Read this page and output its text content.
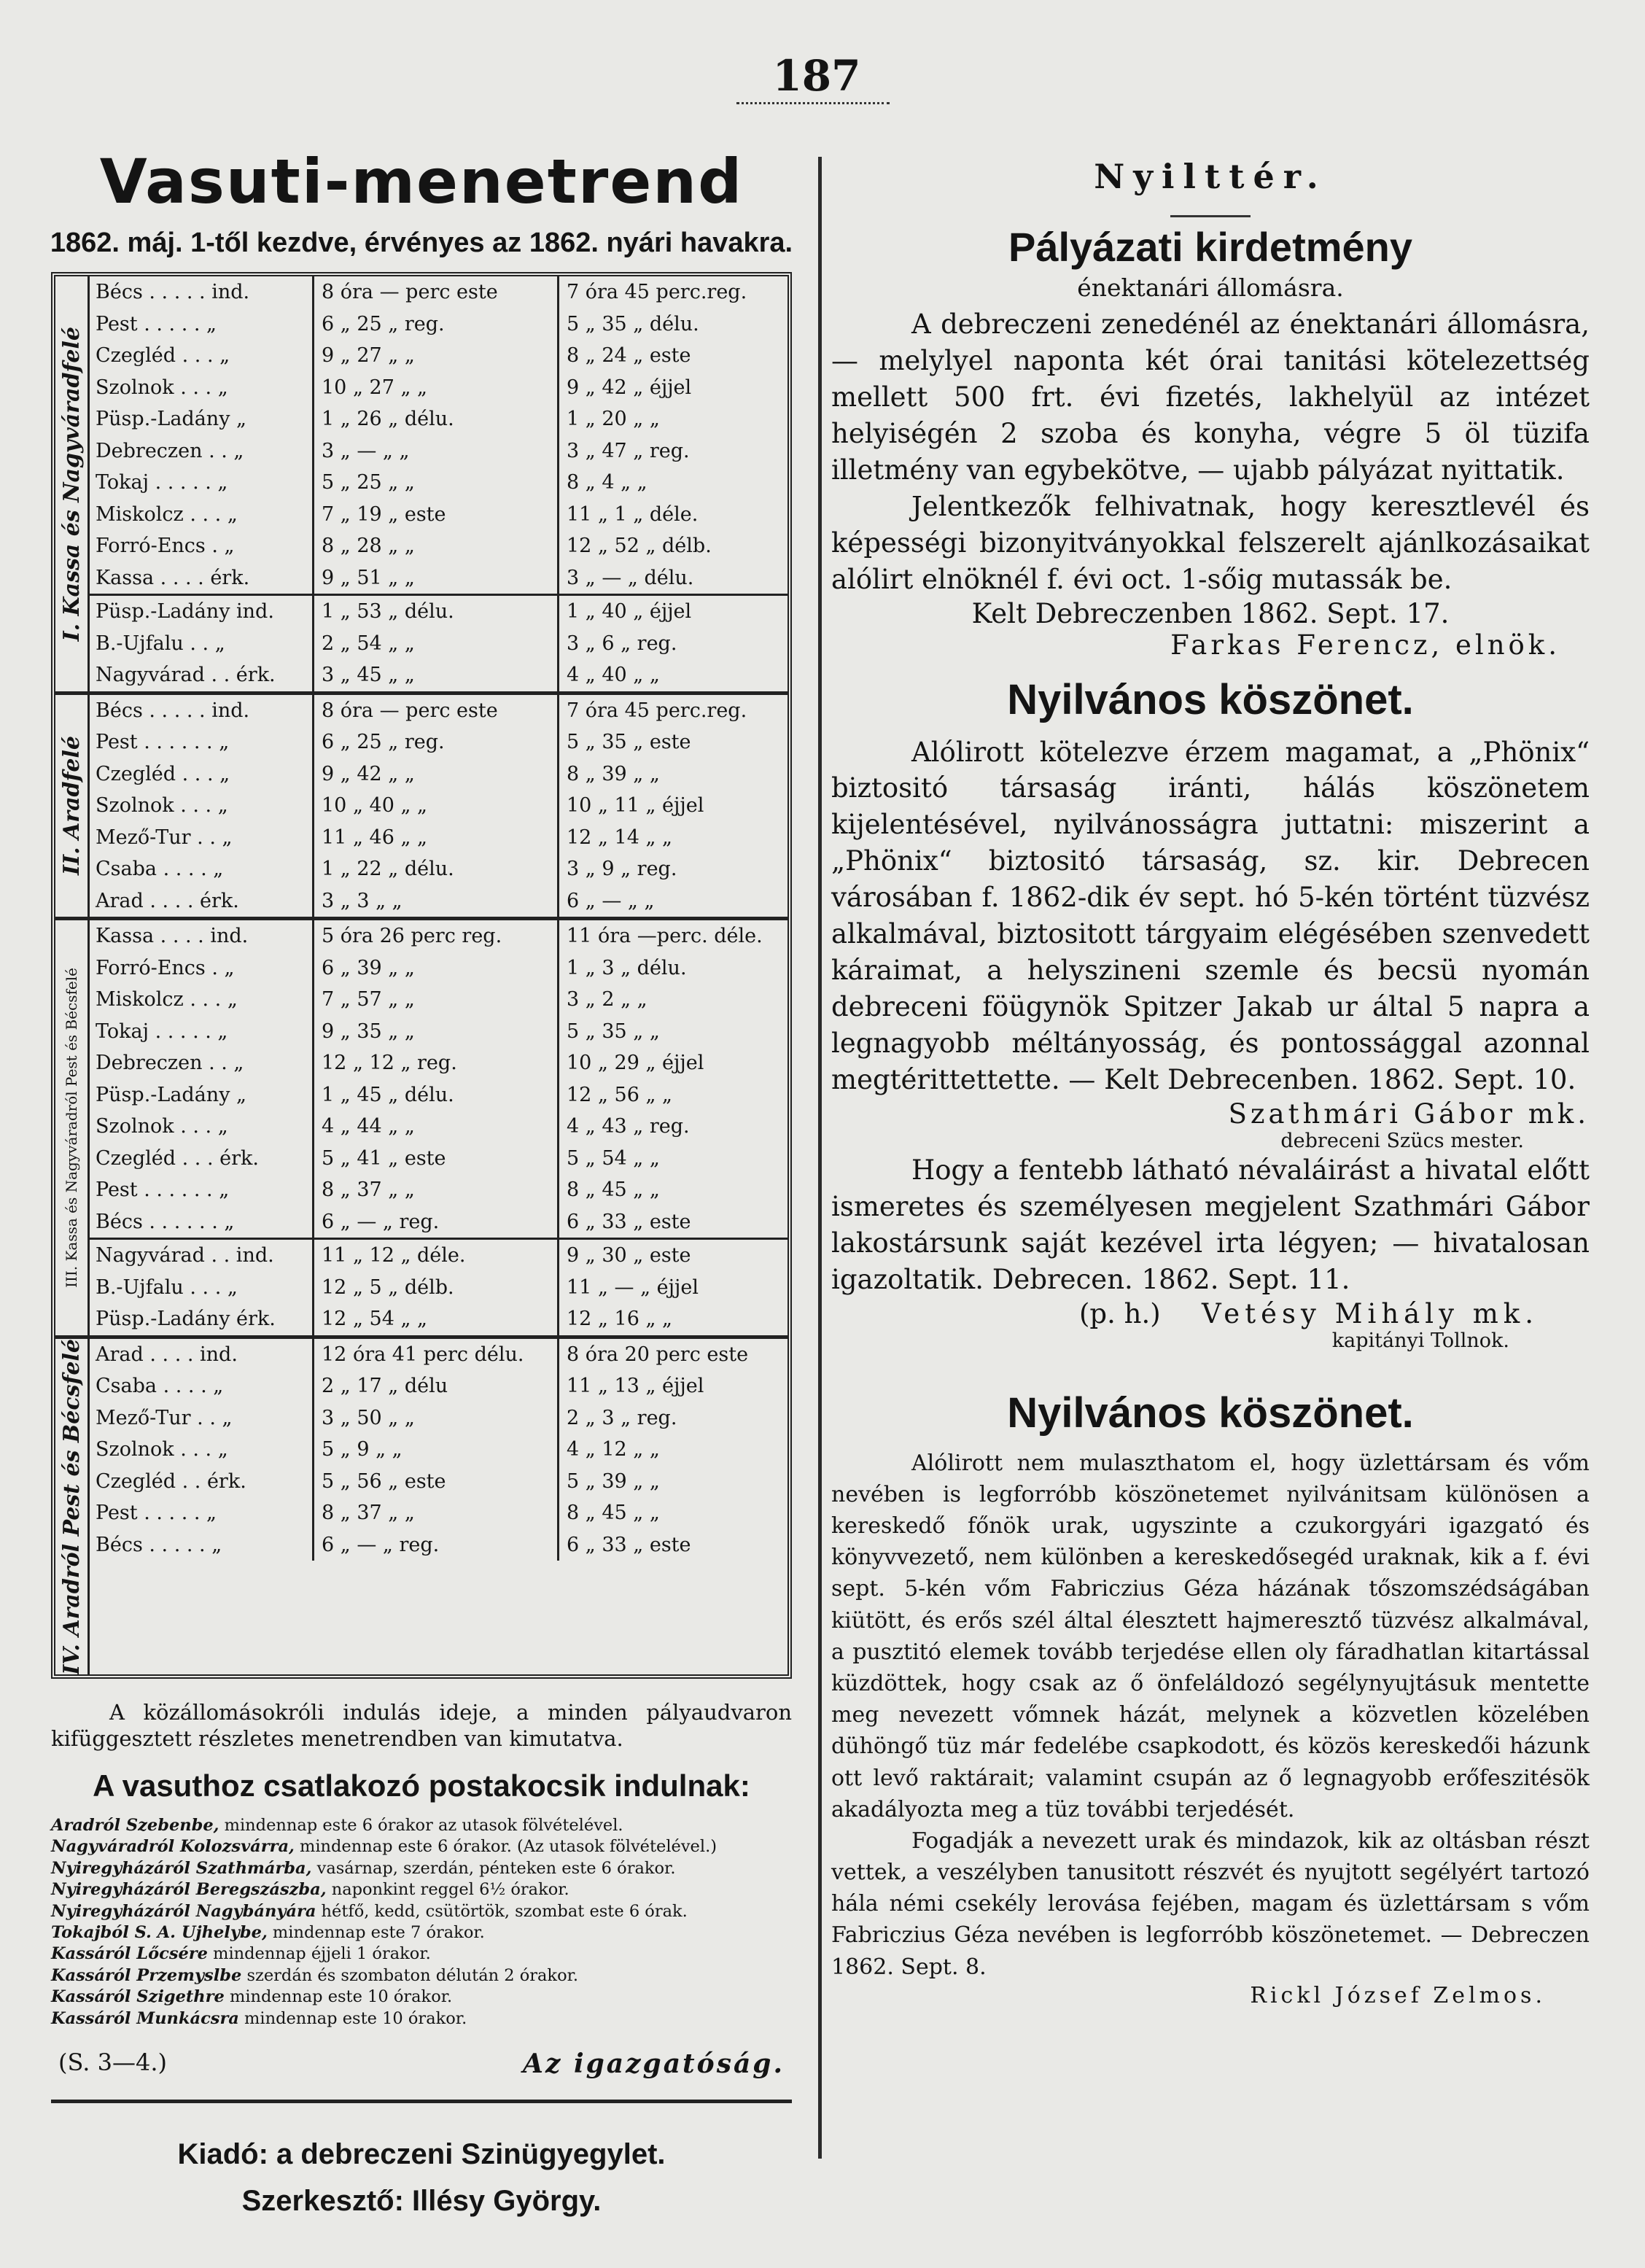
187
Vasuti-menetrend
1862. máj. 1-től kezdve, érvényes az 1862. nyári havakra.
I. Kassa és Nagyváradfelé
Bécs . . . . . ind.	8 óra — perc este	7 óra 45 perc.reg.
Pest . . . . . „	6 „ 25 „ reg.	5 „ 35 „ délu.
Czegléd . . . „	9 „ 27 „ „	8 „ 24 „ este
Szolnok . . . „	10 „ 27 „ „	9 „ 42 „ éjjel
Püsp.-Ladány „	1 „ 26 „ délu.	1 „ 20 „ „
Debreczen . . „	3 „ — „ „	3 „ 47 „ reg.
Tokaj . . . . . „	5 „ 25 „ „	8 „ 4 „ „
Miskolcz . . . „	7 „ 19 „ este	11 „ 1 „ déle.
Forró-Encs . „	8 „ 28 „ „	12 „ 52 „ délb.
Kassa . . . . érk.	9 „ 51 „ „	3 „ — „ délu.
Püsp.-Ladány ind.	1 „ 53 „ délu.	1 „ 40 „ éjjel
B.-Ujfalu . . „	2 „ 54 „ „	3 „ 6 „ reg.
Nagyvárad . . érk.	3 „ 45 „ „	4 „ 40 „ „
II. Aradfelé
Bécs . . . . . ind.	8 óra — perc este	7 óra 45 perc.reg.
Pest . . . . . . „	6 „ 25 „ reg.	5 „ 35 „ este
Czegléd . . . „	9 „ 42 „ „	8 „ 39 „ „
Szolnok . . . „	10 „ 40 „ „	10 „ 11 „ éjjel
Mező-Tur . . „	11 „ 46 „ „	12 „ 14 „ „
Csaba . . . . „	1 „ 22 „ délu.	3 „ 9 „ reg.
Arad . . . . érk.	3 „ 3 „ „	6 „ — „ „
III. Kassa és Nagyváradról Pest és Bécsfelé
Kassa . . . . ind.	5 óra 26 perc reg.	11 óra —perc. déle.
Forró-Encs . „	6 „ 39 „ „	1 „ 3 „ délu.
Miskolcz . . . „	7 „ 57 „ „	3 „ 2 „ „
Tokaj . . . . . „	9 „ 35 „ „	5 „ 35 „ „
Debreczen . . „	12 „ 12 „ reg.	10 „ 29 „ éjjel
Püsp.-Ladány „	1 „ 45 „ délu.	12 „ 56 „ „
Szolnok . . . „	4 „ 44 „ „	4 „ 43 „ reg.
Czegléd . . . érk.	5 „ 41 „ este	5 „ 54 „ „
Pest . . . . . . „	8 „ 37 „ „	8 „ 45 „ „
Bécs . . . . . . „	6 „ — „ reg.	6 „ 33 „ este
Nagyvárad . . ind.	11 „ 12 „ déle.	9 „ 30 „ este
B.-Ujfalu . . . „	12 „ 5 „ délb.	11 „ — „ éjjel
Püsp.-Ladány érk.	12 „ 54 „ „	12 „ 16 „ „
IV. Aradról Pest és Bécsfelé Arad . . . . ind.	12 óra 41 perc délu.	8 óra 20 perc este
Csaba . . . . „	2 „ 17 „ délu	11 „ 13 „ éjjel
Mező-Tur . . „	3 „ 50 „ „	2 „ 3 „ reg.
Szolnok . . . „	5 „ 9 „ „	4 „ 12 „ „
Czegléd . . érk.	5 „ 56 „ este	5 „ 39 „ „
Pest . . . . . „	8 „ 37 „ „	8 „ 45 „ „
Bécs . . . . . „	6 „ — „ reg.	6 „ 33 „ este
A közállomásokróli indulás ideje, a minden pályaudvaron kifüggesztett részletes menetrendben van kimutatva.
A vasuthoz csatlakozó postakocsik indulnak:
Aradról Szebenbe, mindennap este 6 órakor az utasok fölvételével.
Nagyváradról Kolozsvárra, mindennap este 6 órakor. (Az utasok fölvételével.)
Nyiregyházáról Szathmárba, vasárnap, szerdán, pénteken este 6 órakor.
Nyiregyházáról Beregszászba, naponkint reggel 6½ órakor.
Nyiregyházáról Nagybányára hétfő, kedd, csütörtök, szombat este 6 órak.
Tokajból S. A. Ujhelybe, mindennap este 7 órakor.
Kassáról Lőcsére mindennap éjjeli 1 órakor.
Kassáról Przemyslbe szerdán és szombaton délután 2 órakor.
Kassáról Szigethre mindennap este 10 órakor.
Kassáról Munkácsra mindennap este 10 órakor.
(S. 3—4.)	Az igazgatóság.
Kiadó: a debreczeni Szinügyegylet.
Szerkesztő: Illésy György.
Nyilttér.
Pályázati kirdetmény
énektanári állomásra.

A debreczeni zenedénél az énektanári állomásra, — melylyel naponta két órai tanitási kötelezettség mellett 500 frt. évi fizetés, lakhelyül az intézet helyiségén 2 szoba és konyha, végre 5 öl tüzifa illetmény van egybekötve, — ujabb pályázat nyittatik.

Jelentkezők felhivatnak, hogy keresztlevél és képességi bizonyitványokkal felszerelt ajánlkozásaikat alólirt elnöknél f. évi oct. 1-sőig mutassák be.

Kelt Debreczenben 1862. Sept. 17.

Farkas Ferencz, elnök.

Nyilvános köszönet.

Alólirott kötelezve érzem magamat, a „Phönix“ biztositó társaság iránti, hálás köszönetem kijelentésével, nyilvánosságra juttatni: miszerint a „Phönix“ biztositó társaság, sz. kir. Debrecen városában f. 1862-dik év sept. hó 5-kén történt tüzvész alkalmával, biztositott tárgyaim elégésében szenvedett káraimat, a helyszineni szemle és becsü nyomán debreceni föügynök Spitzer Jakab ur által 5 napra a legnagyobb méltányosság, és pontossággal azonnal megtérittettette. — Kelt Debrecenben. 1862. Sept. 10.

Szathmári Gábor mk.

debreceni Szücs mester.

Hogy a fentebb látható névaláirást a hivatal előtt ismeretes és személyesen megjelent Szathmári Gábor lakostársunk saját kezével irta légyen; — hivatalosan igazoltatik. Debrecen. 1862. Sept. 11.

(p. h.) Vetésy Mihály mk.

kapitányi Tollnok.

Nyilvános köszönet.

Alólirott nem mulaszthatom el, hogy üzlettársam és vőm nevében is legforróbb köszönetemet nyilvánitsam különösen a kereskedő főnök urak, ugyszinte a czukorgyári igazgató és könyvvezető, nem különben a kereskedősegéd uraknak, kik a f. évi sept. 5-kén vőm Fabriczius Géza házának tőszomszédságában kiütött, és erős szél által élesztett hajmeresztő tüzvész alkalmával, a pusztitó elemek tovább terjedése ellen oly fáradhatlan kitartással küzdöttek, hogy csak az ő önfeláldozó segélynyujtásuk mentette meg nevezett vőmnek házát, melynek a közvetlen közelében dühöngő tüz már fedelébe csapkodott, és közös kereskedői házunk ott levő raktárait; valamint csupán az ő legnagyobb erőfeszitésök akadályozta meg a tüz további terjedését.

Fogadják a nevezett urak és mindazok, kik az oltásban részt vettek, a veszélyben tanusitott részvét és nyujtott segélyért tartozó hála némi csekély lerovása fejében, magam és üzlettársam s vőm Fabriczius Géza nevében is legforróbb köszönetemet. — Debreczen 1862. Sept. 8.

Rickl József Zelmos.
